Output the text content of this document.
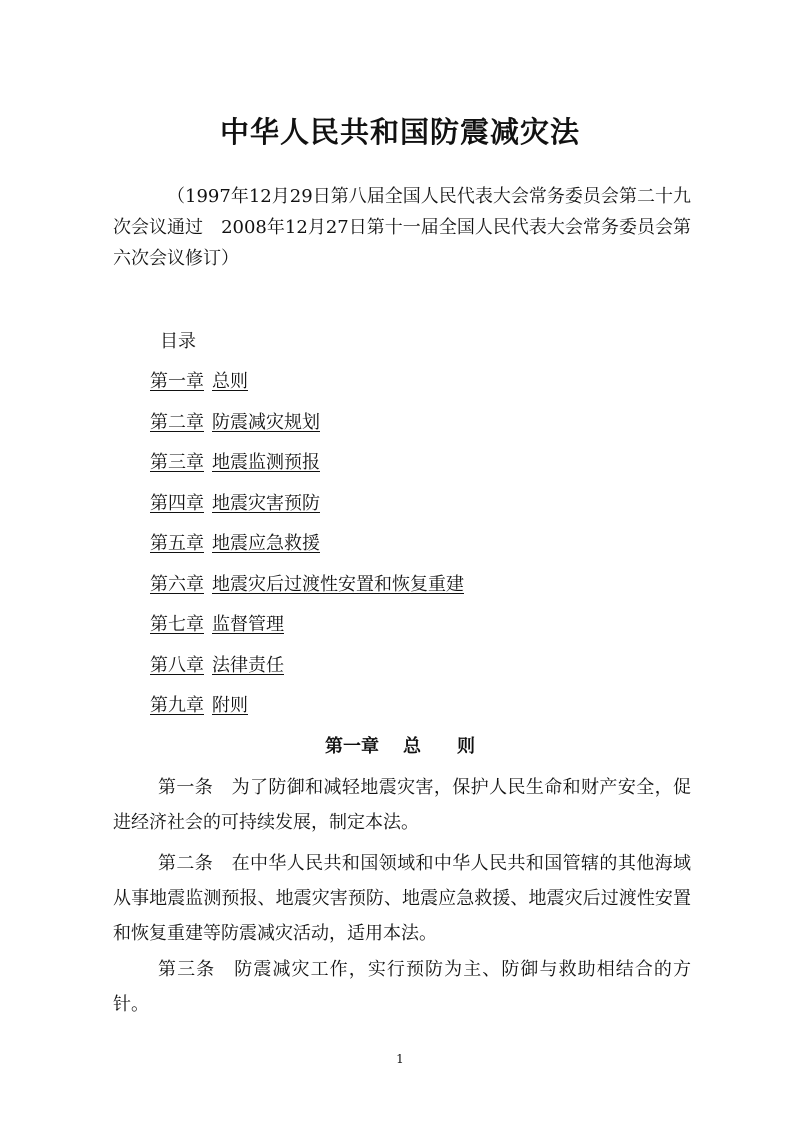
中华人民共和国防震减灾法

（1997年12月29日第八届全国人民代表大会常务委员会第二十九次会议通过　2008年12月27日第十一届全国人民代表大会常务委员会第六次会议修订）

目录

第一章 总则
第二章 防震减灾规划
第三章 地震监测预报
第四章 地震灾害预防
第五章 地震应急救援
第六章 地震灾后过渡性安置和恢复重建
第七章 监督管理
第八章 法律责任
第九章 附则
第一章 总 则

第一条 为了防御和减轻地震灾害，保护人民生命和财产安全，促进经济社会的可持续发展，制定本法。

第二条 在中华人民共和国领域和中华人民共和国管辖的其他海域从事地震监测预报、地震灾害预防、地震应急救援、地震灾后过渡性安置和恢复重建等防震减灾活动，适用本法。

第三条 防震减灾工作，实行预防为主、防御与救助相结合的方针。

1
